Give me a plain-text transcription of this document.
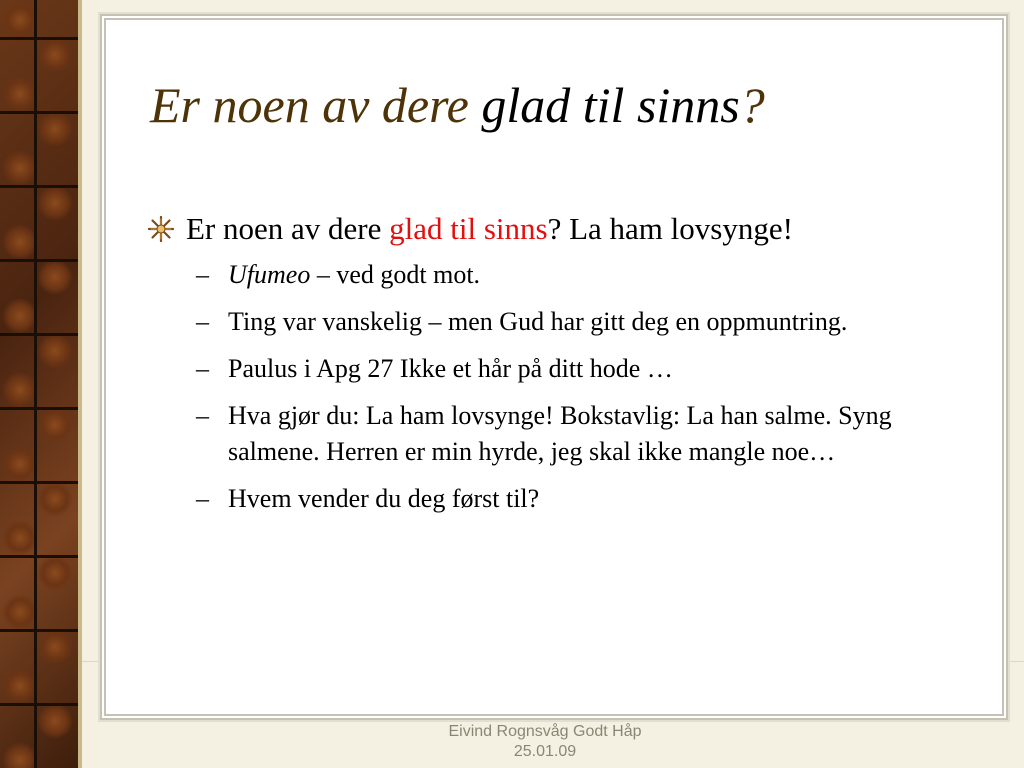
Er noen av dere glad til sinns?
Er noen av dere glad til sinns? La ham lovsynge!
– Ufumeo – ved godt mot.
– Ting var vanskelig – men Gud har gitt deg en oppmuntring.
– Paulus i Apg 27 Ikke et hår på ditt hode …
– Hva gjør du: La ham lovsynge! Bokstavlig: La han salme. Syng salmene. Herren er min hyrde, jeg skal ikke mangle noe…
– Hvem vender du deg først til?
Eivind Rognsvåg Godt Håp
25.01.09
